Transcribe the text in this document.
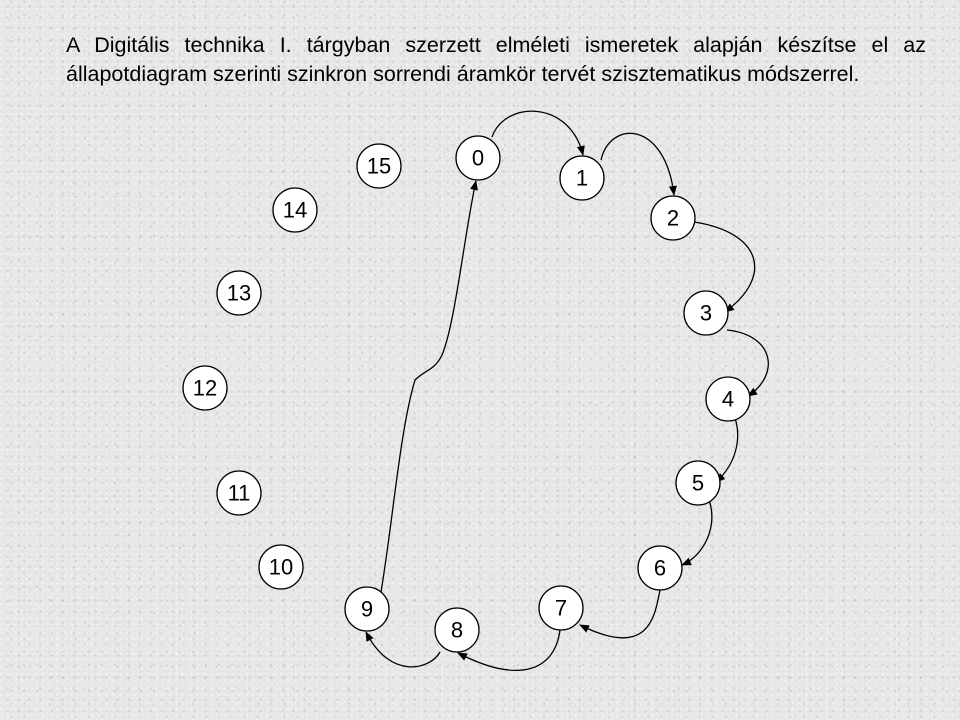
A Digitális technika I. tárgyban szerzett elméleti ismeretek alapján készítse el az állapotdiagram szerinti szinkron sorrendi áramkör tervét szisztematikus módszerrel.

0
1
2
3
4
5
6
7
8
9
10
11
12
13
14
15
